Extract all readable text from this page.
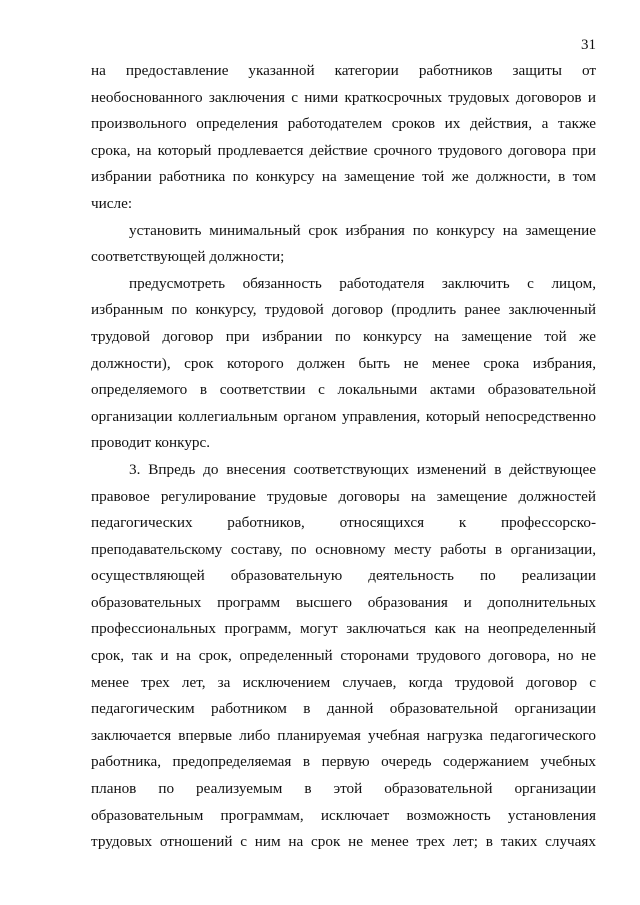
31
на предоставление указанной категории работников защиты от
необоснованного заключения с ними краткосрочных трудовых договоров и
произвольного определения работодателем сроков их действия, а также
срока, на который продлевается действие срочного трудового договора при
избрании работника по конкурсу на замещение той же должности, в том
числе:
установить минимальный срок избрания по конкурсу на замещение
соответствующей должности;
предусмотреть обязанность работодателя заключить с лицом,
избранным по конкурсу, трудовой договор (продлить ранее заключенный
трудовой договор при избрании по конкурсу на замещение той же
должности), срок которого должен быть не менее срока избрания,
определяемого в соответствии с локальными актами образовательной
организации коллегиальным органом управления, который непосредственно
проводит конкурс.
3. Впредь до внесения соответствующих изменений в действующее
правовое регулирование трудовые договоры на замещение должностей
педагогических работников, относящихся к профессорско-
преподавательскому составу, по основному месту работы в организации,
осуществляющей образовательную деятельность по реализации
образовательных программ высшего образования и дополнительных
профессиональных программ, могут заключаться как на неопределенный
срок, так и на срок, определенный сторонами трудового договора, но не
менее трех лет, за исключением случаев, когда трудовой договор с
педагогическим работником в данной образовательной организации
заключается впервые либо планируемая учебная нагрузка педагогического
работника, предопределяемая в первую очередь содержанием учебных
планов по реализуемым в этой образовательной организации
образовательным программам, исключает возможность установления
трудовых отношений с ним на срок не менее трех лет; в таких случаях
